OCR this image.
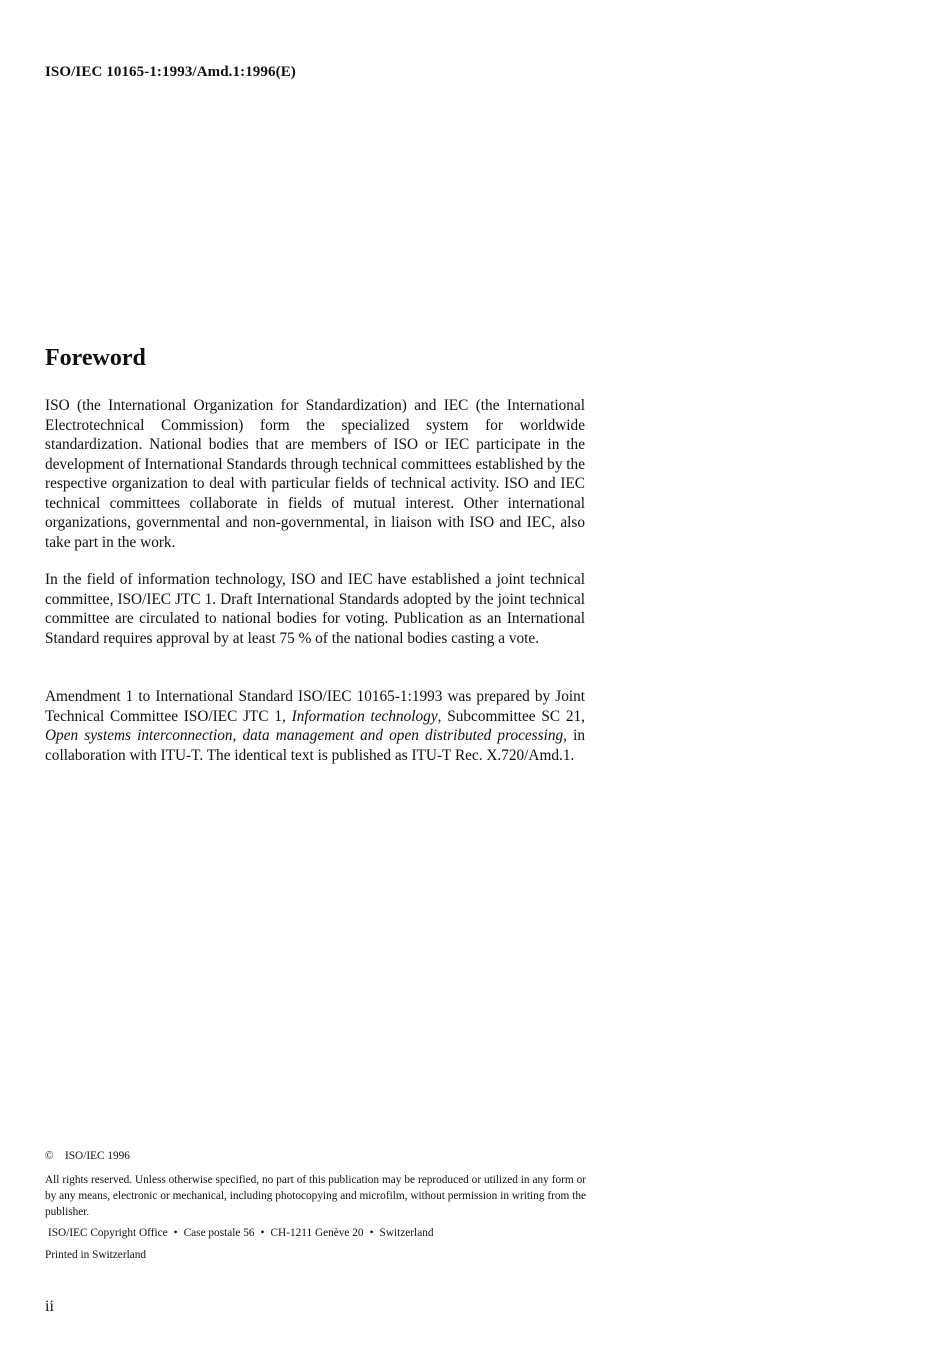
ISO/IEC 10165-1:1993/Amd.1:1996(E)
Foreword

ISO (the International Organization for Standardization) and IEC (the International Electrotechnical Commission) form the specialized system for worldwide standardization. National bodies that are members of ISO or IEC participate in the development of International Standards through technical committees established by the respective organization to deal with particular fields of technical activity. ISO and IEC technical committees collaborate in fields of mutual interest. Other international organizations, governmental and non-governmental, in liaison with ISO and IEC, also take part in the work.

In the field of information technology, ISO and IEC have established a joint technical committee, ISO/IEC JTC 1. Draft International Standards adopted by the joint technical committee are circulated to national bodies for voting. Publication as an International Standard requires approval by at least 75 % of the national bodies casting a vote.

Amendment 1 to International Standard ISO/IEC 10165-1:1993 was prepared by Joint Technical Committee ISO/IEC JTC 1, Information technology, Subcommittee SC 21, Open systems interconnection, data management and open distributed processing, in collaboration with ITU-T. The identical text is published as ITU-T Rec. X.720/Amd.1.

© ISO/IEC 1996

All rights reserved. Unless otherwise specified, no part of this publication may be reproduced or utilized in any form or by any means, electronic or mechanical, including photocopying and microfilm, without permission in writing from the publisher.

ISO/IEC Copyright Office • Case postale 56 • CH-1211 Genève 20 • Switzerland

Printed in Switzerland

ii
